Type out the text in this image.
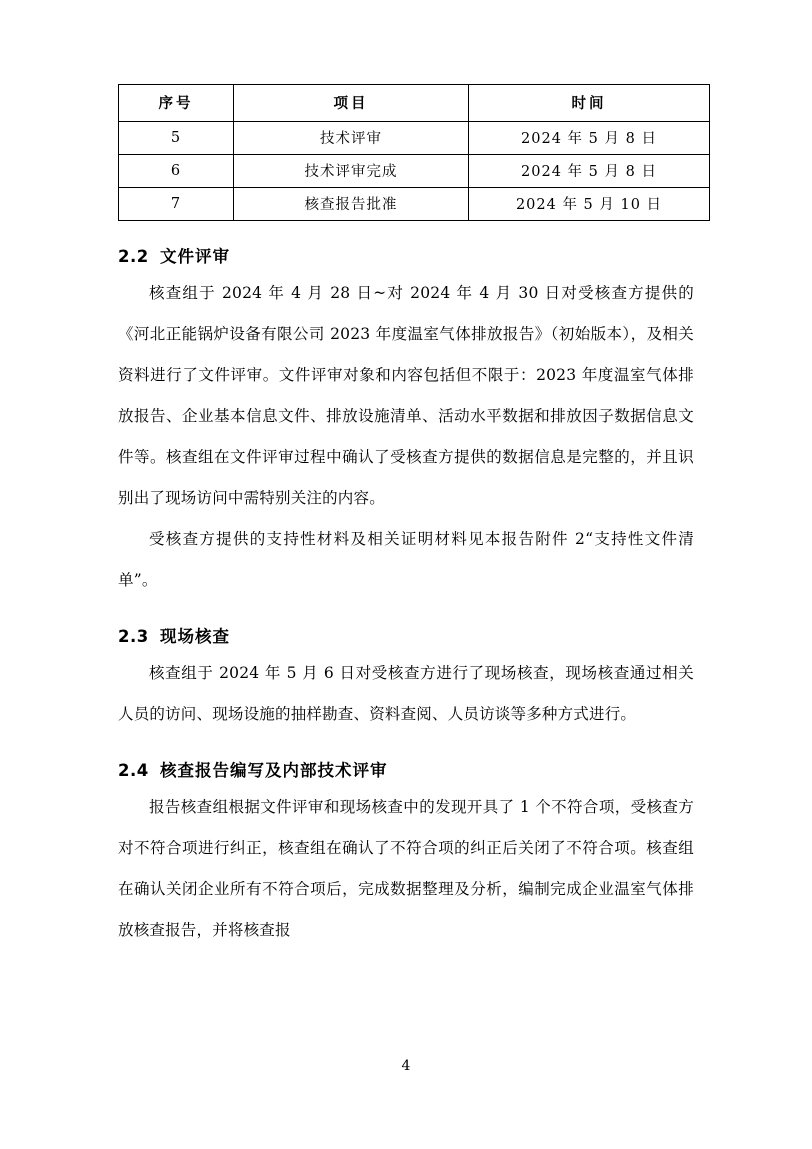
序号	项目	时间
5	技术评审	2024 年 5 月 8 日
6	技术评审完成	2024 年 5 月 8 日
7	核查报告批准	2024 年 5 月 10 日
2.2 文件评审

核查组于 2024 年 4 月 28 日~对 2024 年 4 月 30 日对受核查方提供的《河北正能锅炉设备有限公司 2023 年度温室气体排放报告》（初始版本），及相关资料进行了文件评审。文件评审对象和内容包括但不限于：2023 年度温室气体排放报告、企业基本信息文件、排放设施清单、活动水平数据和排放因子数据信息文件等。核查组在文件评审过程中确认了受核查方提供的数据信息是完整的，并且识别出了现场访问中需特别关注的内容。

受核查方提供的支持性材料及相关证明材料见本报告附件 2“支持性文件清单”。

2.3 现场核查

核查组于 2024 年 5 月 6 日对受核查方进行了现场核查，现场核查通过相关人员的访问、现场设施的抽样勘查、资料查阅、人员访谈等多种方式进行。

2.4 核查报告编写及内部技术评审

报告核查组根据文件评审和现场核查中的发现开具了 1 个不符合项，受核查方对不符合项进行纠正，核查组在确认了不符合项的纠正后关闭了不符合项。核查组在确认关闭企业所有不符合项后，完成数据整理及分析，编制完成企业温室气体排放核查报告，并将核查报

4
